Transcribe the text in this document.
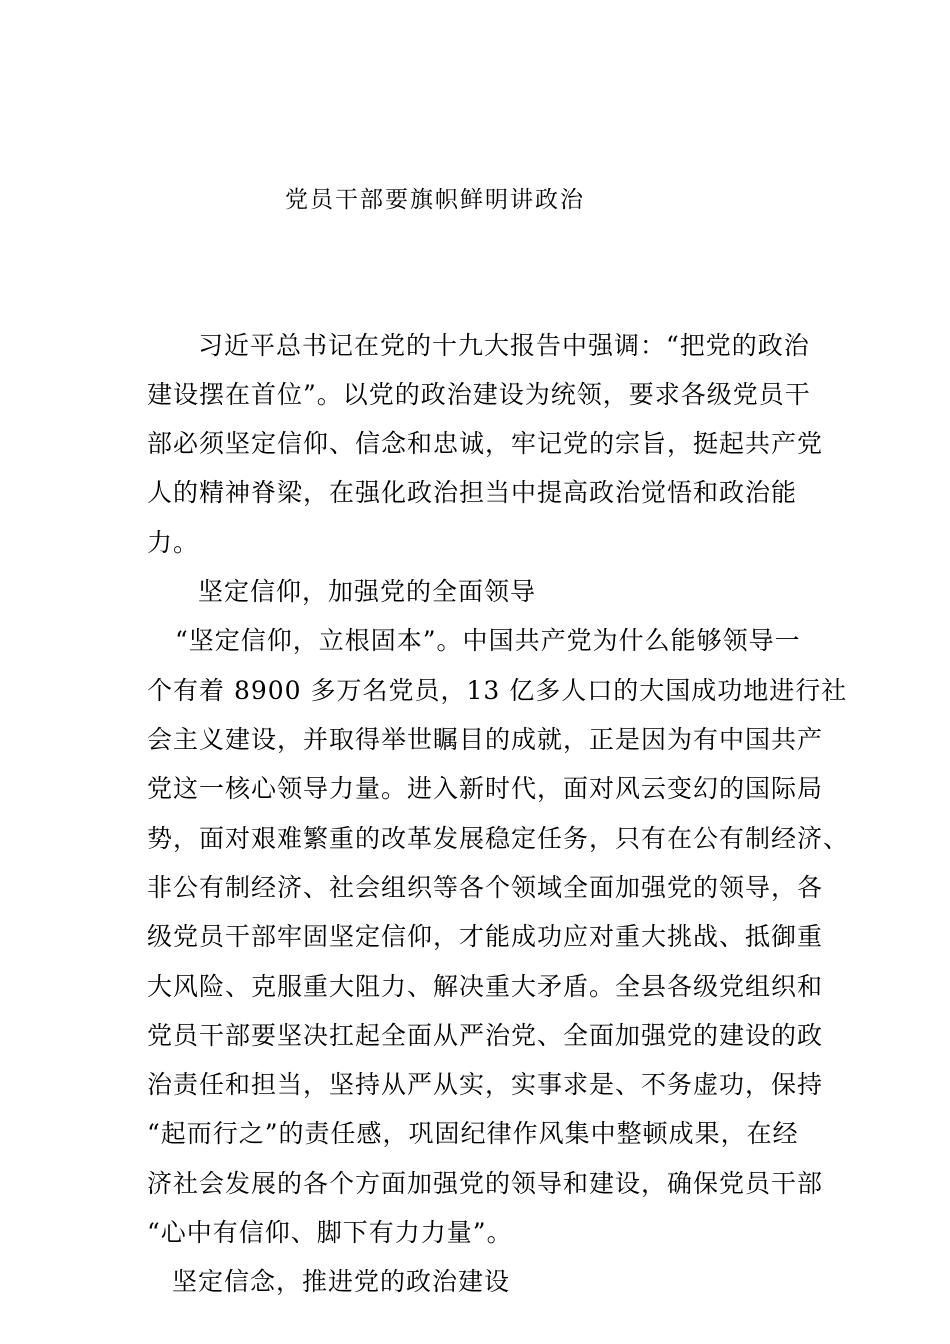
党员干部要旗帜鲜明讲政治
习近平总书记在党的十九大报告中强调：“把党的政治
建设摆在首位”。以党的政治建设为统领，要求各级党员干
部必须坚定信仰、信念和忠诚，牢记党的宗旨，挺起共产党
人的精神脊梁，在强化政治担当中提高政治觉悟和政治能
力。
坚定信仰，加强党的全面领导
“坚定信仰，立根固本”。中国共产党为什么能够领导一
个有着 8900 多万名党员，13 亿多人口的大国成功地进行社
会主义建设，并取得举世瞩目的成就，正是因为有中国共产
党这一核心领导力量。进入新时代，面对风云变幻的国际局
势，面对艰难繁重的改革发展稳定任务，只有在公有制经济、
非公有制经济、社会组织等各个领域全面加强党的领导，各
级党员干部牢固坚定信仰，才能成功应对重大挑战、抵御重
大风险、克服重大阻力、解决重大矛盾。全县各级党组织和
党员干部要坚决扛起全面从严治党、全面加强党的建设的政
治责任和担当，坚持从严从实，实事求是、不务虚功，保持
“起而行之”的责任感，巩固纪律作风集中整顿成果，在经
济社会发展的各个方面加强党的领导和建设，确保党员干部
“心中有信仰、脚下有力力量”。
坚定信念，推进党的政治建设
